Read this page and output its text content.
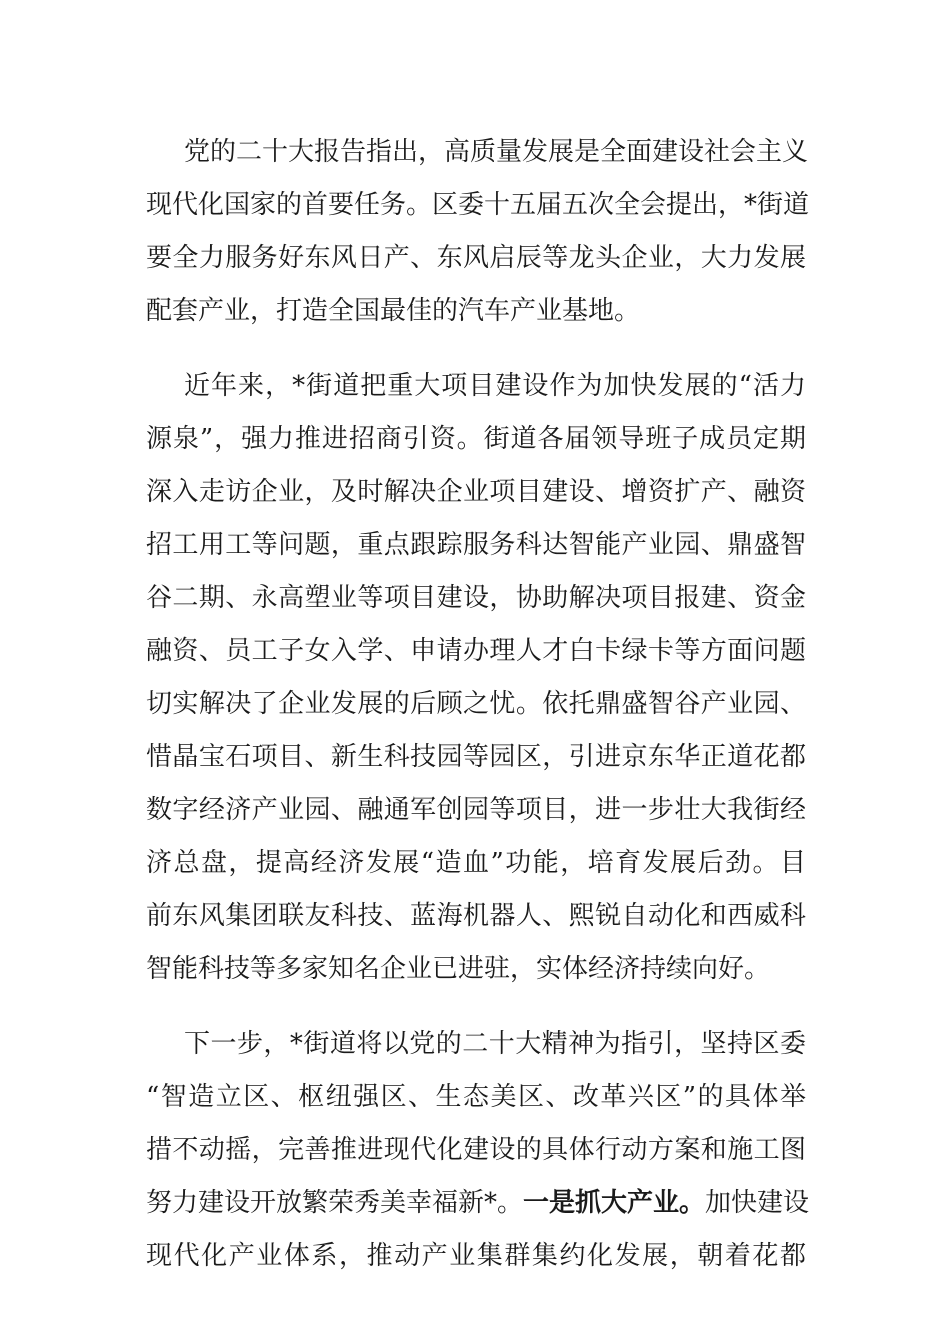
党的二十大报告指出，高质量发展是全面建设社会主义
现代化国家的首要任务。区委十五届五次全会提出，*街道
要全力服务好东风日产、东风启辰等龙头企业，大力发展
配套产业，打造全国最佳的汽车产业基地。
近年来，*街道把重大项目建设作为加快发展的“活力
源泉”，强力推进招商引资。街道各届领导班子成员定期
深入走访企业，及时解决企业项目建设、增资扩产、融资
招工用工等问题，重点跟踪服务科达智能产业园、鼎盛智
谷二期、永高塑业等项目建设，协助解决项目报建、资金
融资、员工子女入学、申请办理人才白卡绿卡等方面问题
切实解决了企业发展的后顾之忧。依托鼎盛智谷产业园、
惜晶宝石项目、新生科技园等园区，引进京东华正道花都
数字经济产业园、融通军创园等项目，进一步壮大我街经
济总盘，提高经济发展“造血”功能，培育发展后劲。目
前东风集团联友科技、蓝海机器人、熙锐自动化和西威科
智能科技等多家知名企业已进驻，实体经济持续向好。
下一步，*街道将以党的二十大精神为指引，坚持区委
“智造立区、枢纽强区、生态美区、改革兴区”的具体举
措不动摇，完善推进现代化建设的具体行动方案和施工图
努力建设开放繁荣秀美幸福新*。一是抓大产业。加快建设
现代化产业体系，推动产业集群集约化发展，朝着花都
